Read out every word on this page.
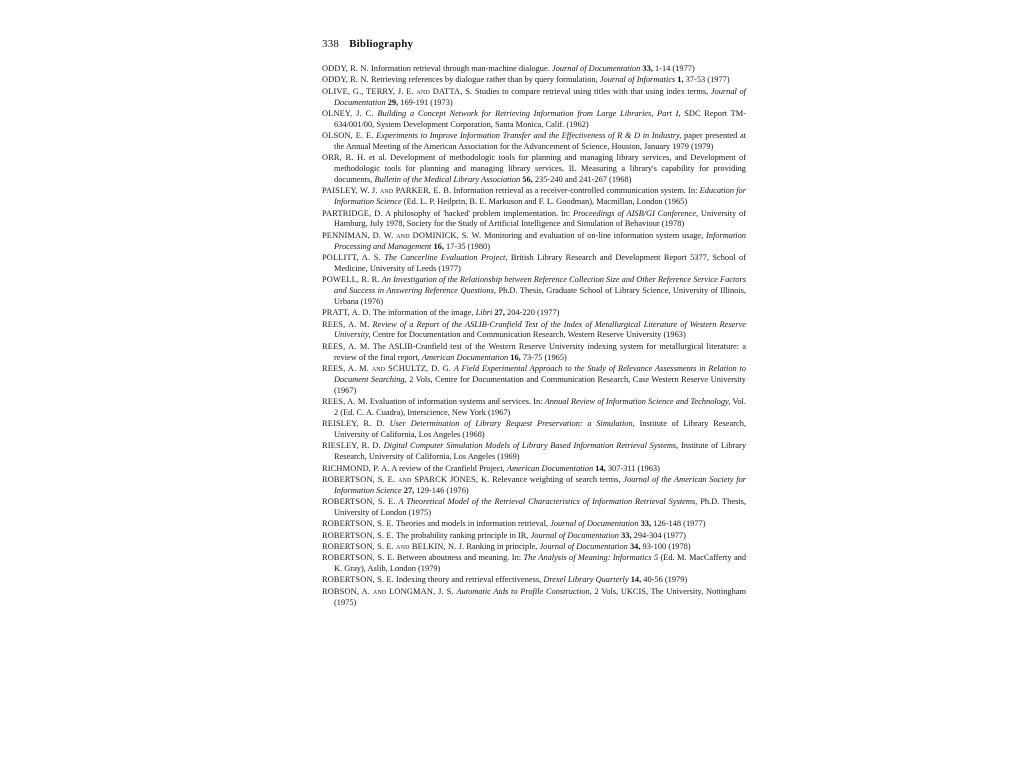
338 Bibliography
ODDY, R. N. Information retrieval through man-machine dialogue. Journal of Documentation 33, 1-14 (1977)
ODDY, R. N. Retrieving references by dialogue rather than by query formulation, Journal of Informatics 1, 37-53 (1977)
OLIVE, G., TERRY, J. E. and DATTA, S. Studies to compare retrieval using titles with that using index terms, Journal of Documentation 29, 169-191 (1973)
OLNEY, J. C. Building a Concept Network for Retrieving Information from Large Libraries, Part I, SDC Report TM-634/001/00, System Development Corporation, Santa Monica, Calif. (1962)
OLSON, E. E. Experiments to Improve Information Transfer and the Effectiveness of R & D in Industry, paper presented at the Annual Meeting of the American Association for the Advancement of Science, Houston, January 1979 (1979)
ORR, R. H. et al. Development of methodologic tools for planning and managing library services, and Development of methodologic tools for planning and managing library services. II. Measuring a library's capability for providing documents, Bulletin of the Medical Library Association 56, 235-240 and 241-267 (1968)
PAISLEY, W. J. and PARKER, E. B. Information retrieval as a receiver-controlled communication system. In: Education for Information Science (Ed. L. P. Heilprin, B. E. Markuson and F. L. Goodman), Macmillan, London (1965)
PARTRIDGE, D. A philosophy of 'hacked' problem implementation. In: Proceedings of AISB/GI Conference, University of Hamburg, July 1978, Society for the Study of Artificial Intelligence and Simulation of Behaviour (1978)
PENNIMAN, D. W. and DOMINICK, S. W. Monitoring and evaluation of on-line information system usage, Information Processing and Management 16, 17-35 (1980)
POLLITT, A. S. The Cancerline Evaluation Project, British Library Research and Development Report 5377, School of Medicine, University of Leeds (1977)
POWELL, R. R. An Investigation of the Relationship between Reference Collection Size and Other Reference Service Factors and Success in Answering Reference Questions, Ph.D. Thesis, Graduate School of Library Science, University of Illinois, Urbana (1976)
PRATT, A. D. The information of the image, Libri 27, 204-220 (1977)
REES, A. M. Review of a Report of the ASLIB-Cranfield Test of the Index of Metallurgical Literature of Western Reserve University, Centre for Documentation and Communication Research, Western Reserve University (1963)
REES, A. M. The ASLIB-Cranfield test of the Western Reserve University indexing system for metallurgical literature: a review of the final report, American Documentation 16, 73-75 (1965)
REES, A. M. and SCHULTZ, D. G. A Field Experimental Approach to the Study of Relevance Assessments in Relation to Document Searching, 2 Vols, Centre for Documentation and Communication Research, Case Western Reserve University (1967)
REES, A. M. Evaluation of information systems and services. In: Annual Review of Information Science and Technology, Vol. 2 (Ed. C. A. Cuadra), Interscience, New York (1967)
REISLEY, R. D. User Determination of Library Request Preservation: a Simulation, Institute of Library Research, University of California, Los Angeles (1968)
RIESLEY, R. D. Digital Computer Simulation Models of Library Based Information Retrieval Systems, Institute of Library Research, University of California, Los Angeles (1969)
RICHMOND, P. A. A review of the Cranfield Project, American Documentation 14, 307-311 (1963)
ROBERTSON, S. E. and SPARCK JONES, K. Relevance weighting of search terms, Journal of the American Society for Information Science 27, 129-146 (1976)
ROBERTSON, S. E. A Theoretical Model of the Retrieval Characteristics of Information Retrieval Systems, Ph.D. Thesis, University of London (1975)
ROBERTSON, S. E. Theories and models in information retrieval, Journal of Documentation 33, 126-148 (1977)
ROBERTSON, S. E. The probability ranking principle in IR, Journal of Documentation 33, 294-304 (1977)
ROBERTSON, S. E. and BELKIN, N. J. Ranking in principle, Journal of Documentation 34, 93-100 (1978)
ROBERTSON, S. E. Between aboutness and meaning. In: The Analysis of Meaning: Informatics 5 (Ed. M. MacCafferty and K. Gray), Aslib, London (1979)
ROBERTSON, S. E. Indexing theory and retrieval effectiveness, Drexel Library Quarterly 14, 40-56 (1979)
ROBSON, A. and LONGMAN, J. S. Automatic Aids to Profile Construction, 2 Vols, UKCIS, The University, Nottingham (1975)
